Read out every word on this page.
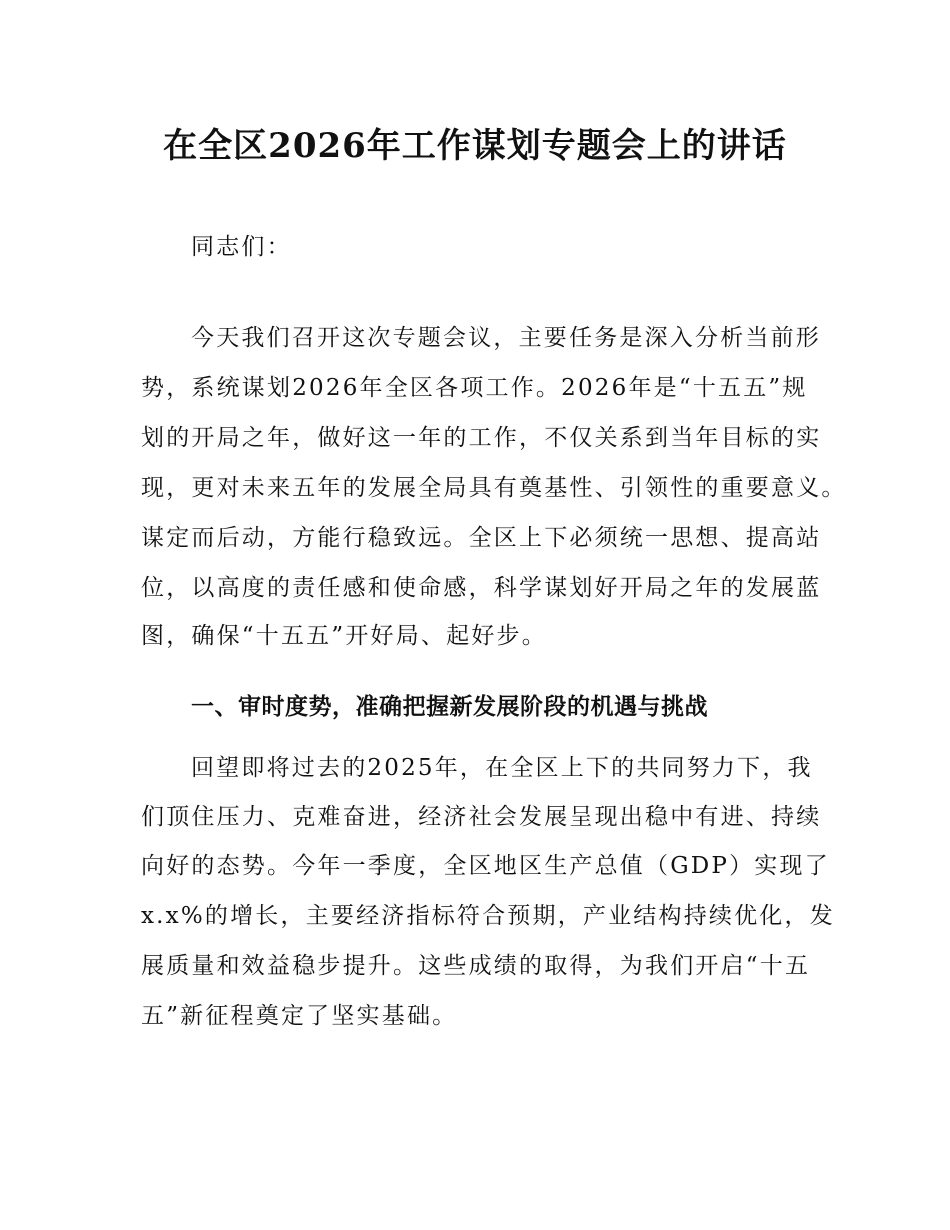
在全区2026年工作谋划专题会上的讲话
同志们：
今天我们召开这次专题会议，主要任务是深入分析当前形
势，系统谋划2026年全区各项工作。2026年是“十五五”规
划的开局之年，做好这一年的工作，不仅关系到当年目标的实
现，更对未来五年的发展全局具有奠基性、引领性的重要意义。
谋定而后动，方能行稳致远。全区上下必须统一思想、提高站
位，以高度的责任感和使命感，科学谋划好开局之年的发展蓝
图，确保“十五五”开好局、起好步。
一、审时度势，准确把握新发展阶段的机遇与挑战
回望即将过去的2025年，在全区上下的共同努力下，我
们顶住压力、克难奋进，经济社会发展呈现出稳中有进、持续
向好的态势。今年一季度，全区地区生产总值（GDP）实现了
x.x%的增长，主要经济指标符合预期，产业结构持续优化，发
展质量和效益稳步提升。这些成绩的取得，为我们开启“十五
五”新征程奠定了坚实基础。
